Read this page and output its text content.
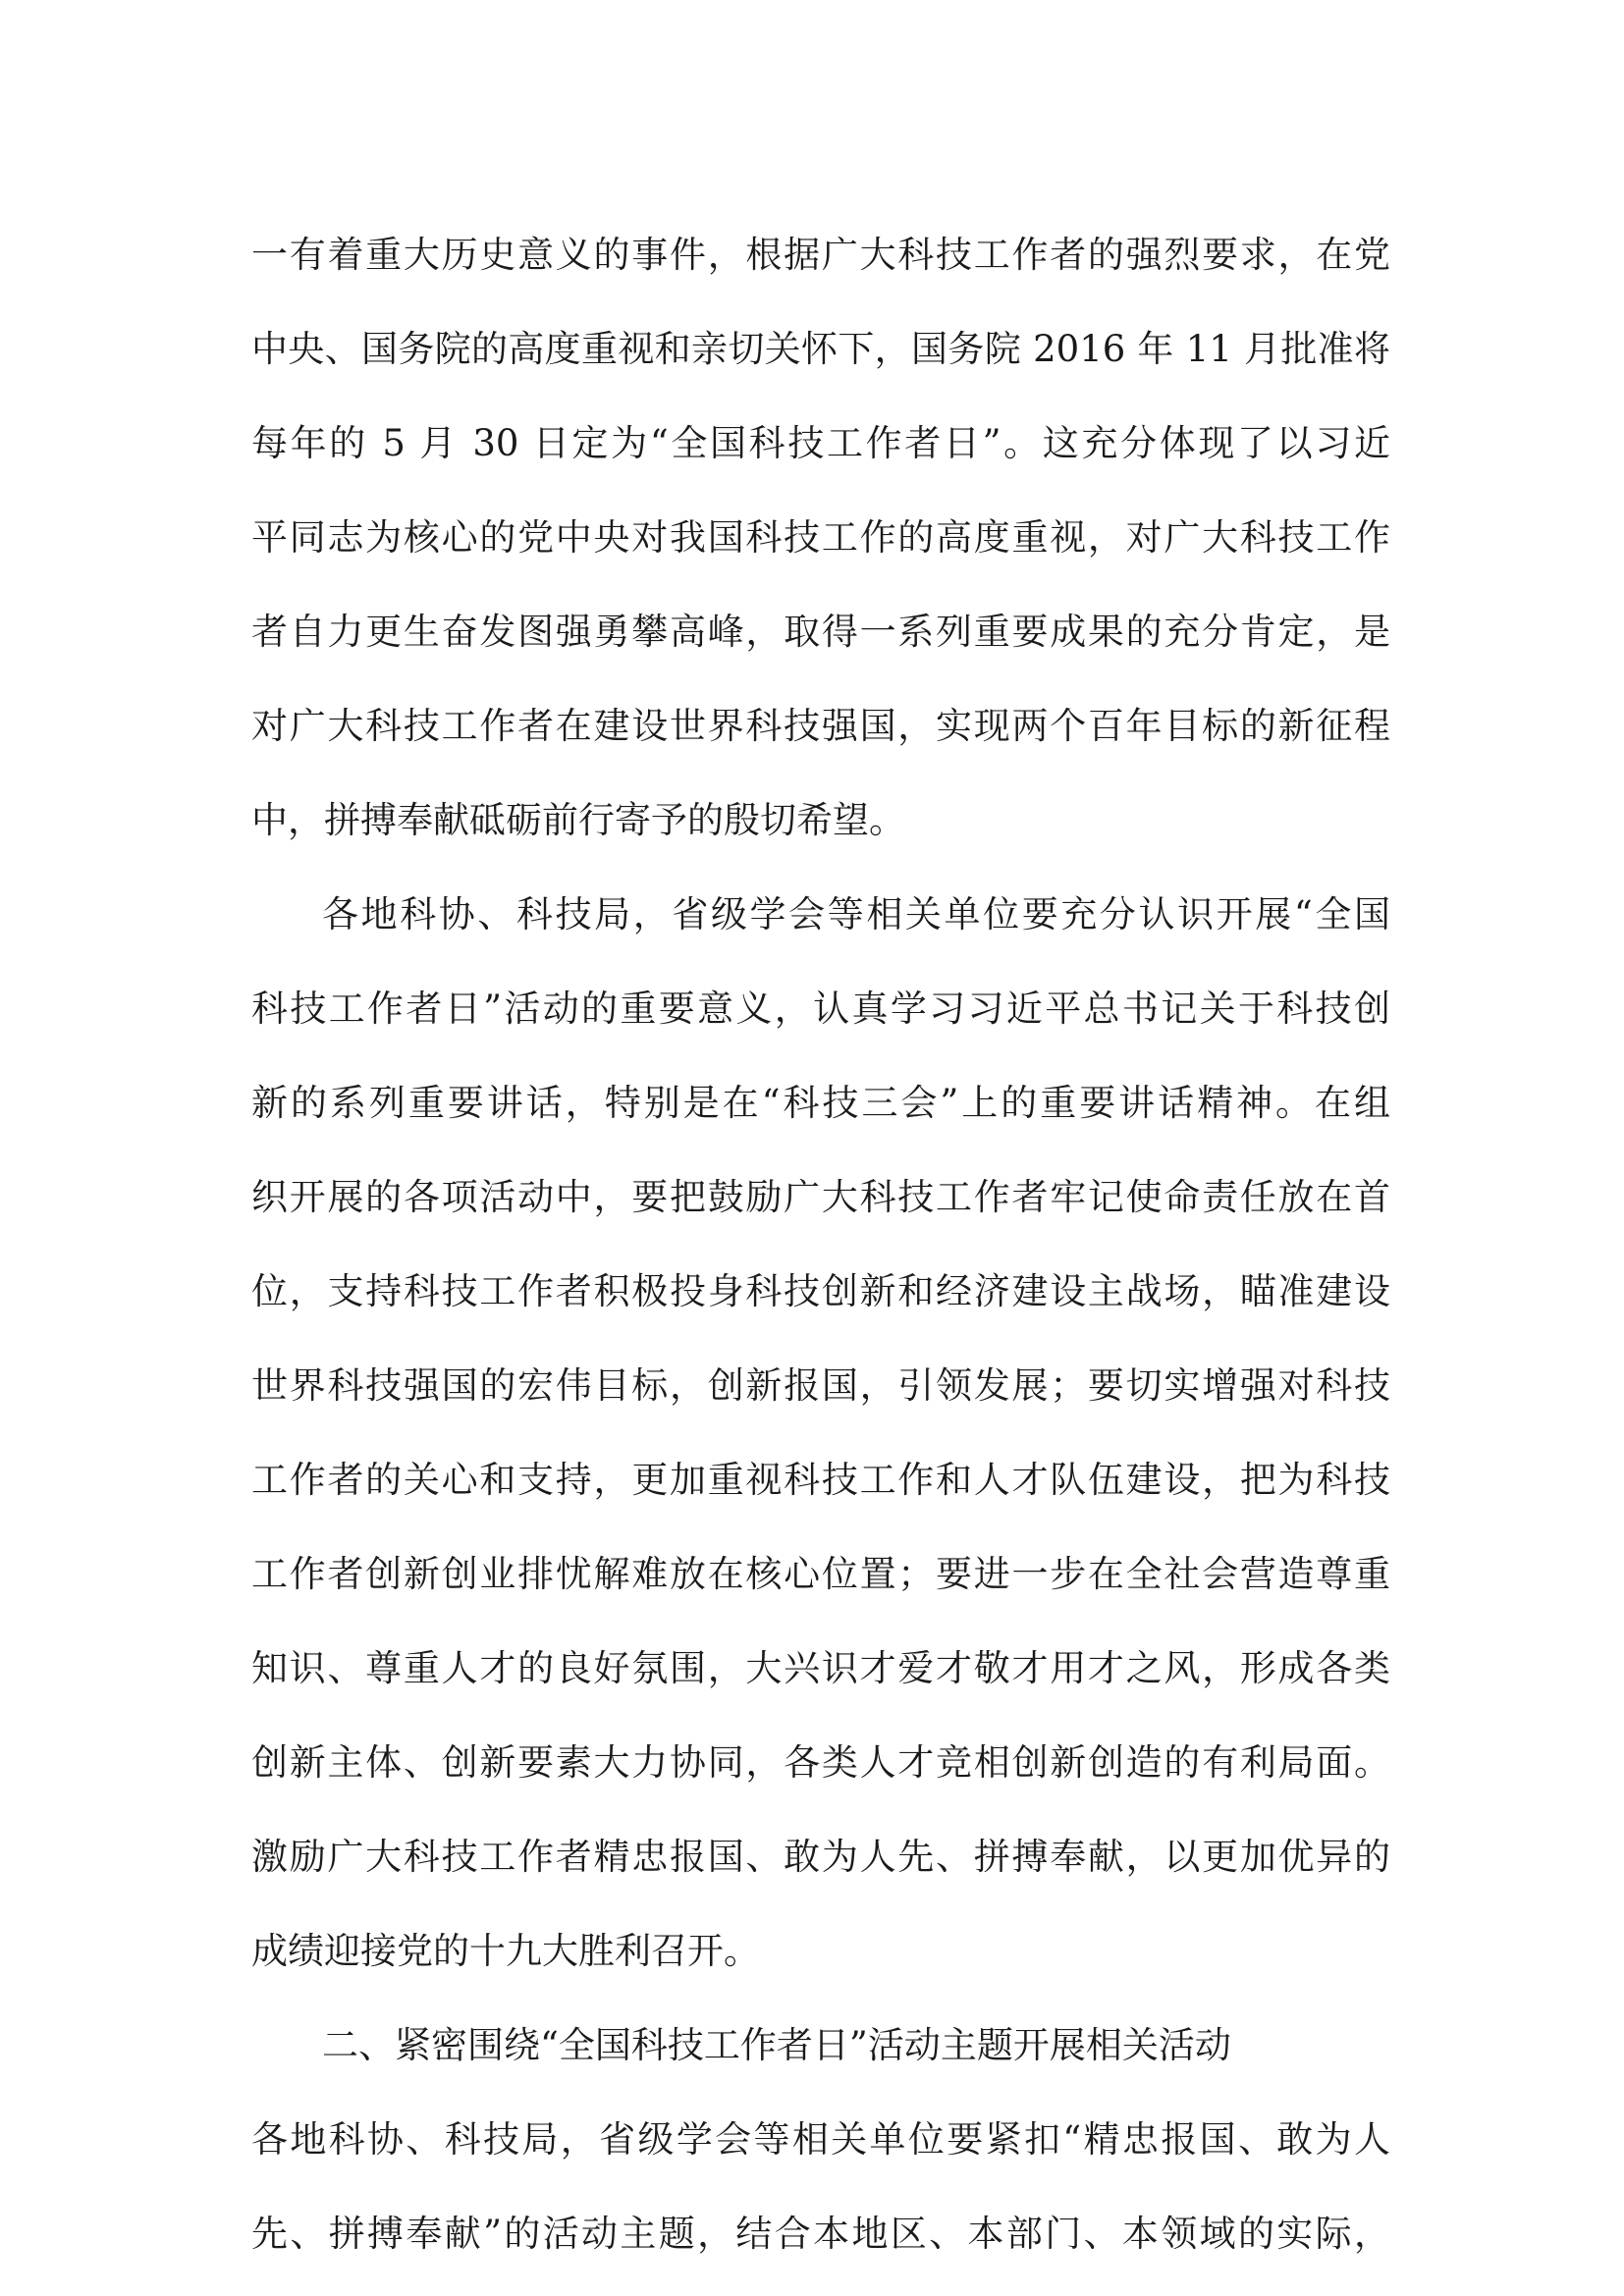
一有着重大历史意义的事件，根据广大科技工作者的强烈要求，在党
中央、国务院的高度重视和亲切关怀下，国务院 2016 年 11 月批准将
每年的 5 月 30 日定为“全国科技工作者日”。这充分体现了以习近
平同志为核心的党中央对我国科技工作的高度重视，对广大科技工作
者自力更生奋发图强勇攀高峰，取得一系列重要成果的充分肯定，是
对广大科技工作者在建设世界科技强国，实现两个百年目标的新征程
中，拼搏奉献砥砺前行寄予的殷切希望。
各地科协、科技局，省级学会等相关单位要充分认识开展“全国
科技工作者日”活动的重要意义，认真学习习近平总书记关于科技创
新的系列重要讲话，特别是在“科技三会”上的重要讲话精神。在组
织开展的各项活动中，要把鼓励广大科技工作者牢记使命责任放在首
位，支持科技工作者积极投身科技创新和经济建设主战场，瞄准建设
世界科技强国的宏伟目标，创新报国，引领发展；要切实增强对科技
工作者的关心和支持，更加重视科技工作和人才队伍建设，把为科技
工作者创新创业排忧解难放在核心位置；要进一步在全社会营造尊重
知识、尊重人才的良好氛围，大兴识才爱才敬才用才之风，形成各类
创新主体、创新要素大力协同，各类人才竞相创新创造的有利局面。
激励广大科技工作者精忠报国、敢为人先、拼搏奉献，以更加优异的
成绩迎接党的十九大胜利召开。
二、紧密围绕“全国科技工作者日”活动主题开展相关活动
各地科协、科技局，省级学会等相关单位要紧扣“精忠报国、敢为人
先、拼搏奉献”的活动主题，结合本地区、本部门、本领域的实际，
